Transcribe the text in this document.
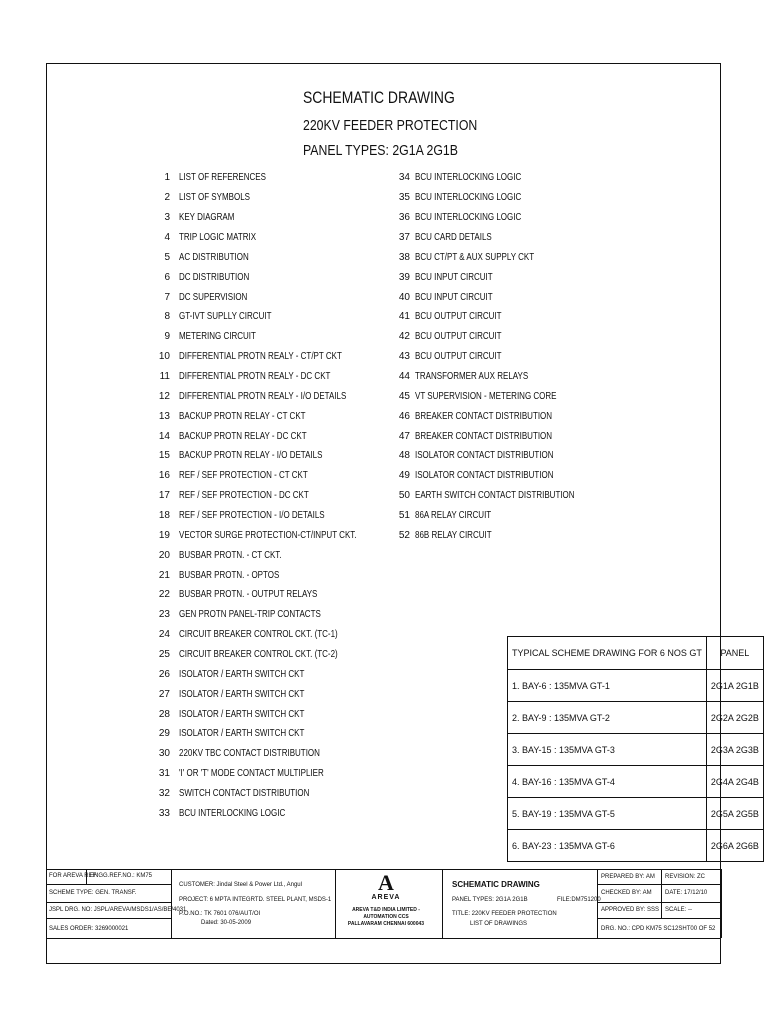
SCHEMATIC DRAWING
220KV FEEDER PROTECTION
PANEL TYPES: 2G1A 2G1B
1 LIST OF REFERENCES
2 LIST OF SYMBOLS
3 KEY DIAGRAM
4 TRIP LOGIC MATRIX
5 AC DISTRIBUTION
6 DC DISTRIBUTION
7 DC SUPERVISION
8 GT-IVT SUPLLY CIRCUIT
9 METERING CIRCUIT
10 DIFFERENTIAL PROTN REALY - CT/PT CKT
11 DIFFERENTIAL PROTN REALY - DC CKT
12 DIFFERENTIAL PROTN REALY - I/O DETAILS
13 BACKUP PROTN RELAY - CT CKT
14 BACKUP PROTN RELAY - DC CKT
15 BACKUP PROTN RELAY - I/O DETAILS
16 REF / SEF PROTECTION - CT CKT
17 REF / SEF PROTECTION - DC CKT
18 REF / SEF PROTECTION - I/O DETAILS
19 VECTOR SURGE PROTECTION-CT/INPUT CKT.
20 BUSBAR PROTN. - CT CKT.
21 BUSBAR PROTN. - OPTOS
22 BUSBAR PROTN. - OUTPUT RELAYS
23 GEN PROTN PANEL-TRIP CONTACTS
24 CIRCUIT BREAKER CONTROL CKT. (TC-1)
25 CIRCUIT BREAKER CONTROL CKT. (TC-2)
26 ISOLATOR / EARTH SWITCH CKT
27 ISOLATOR / EARTH SWITCH CKT
28 ISOLATOR / EARTH SWITCH CKT
29 ISOLATOR / EARTH SWITCH CKT
30 220KV TBC CONTACT DISTRIBUTION
31 'I' OR 'T' MODE CONTACT MULTIPLIER
32 SWITCH CONTACT DISTRIBUTION
33 BCU INTERLOCKING LOGIC
34 BCU INTERLOCKING LOGIC
35 BCU INTERLOCKING LOGIC
36 BCU INTERLOCKING LOGIC
37 BCU CARD DETAILS
38 BCU CT/PT & AUX SUPPLY CKT
39 BCU INPUT CIRCUIT
40 BCU INPUT CIRCUIT
41 BCU OUTPUT CIRCUIT
42 BCU OUTPUT CIRCUIT
43 BCU OUTPUT CIRCUIT
44 TRANSFORMER AUX RELAYS
45 VT SUPERVISION - METERING CORE
46 BREAKER CONTACT DISTRIBUTION
47 BREAKER CONTACT DISTRIBUTION
48 ISOLATOR CONTACT DISTRIBUTION
49 ISOLATOR CONTACT DISTRIBUTION
50 EARTH SWITCH CONTACT DISTRIBUTION
51 86A RELAY CIRCUIT
52 86B RELAY CIRCUIT
TYPICAL SCHEME DRAWING FOR 6 NOS GT	PANEL
1. BAY-6 : 135MVA GT-1	2G1A 2G1B
2. BAY-9 : 135MVA GT-2	2G2A 2G2B
3. BAY-15 : 135MVA GT-3	2G3A 2G3B
4. BAY-16 : 135MVA GT-4	2G4A 2G4B
5. BAY-19 : 135MVA GT-5	2G5A 2G5B
6. BAY-23 : 135MVA GT-6	2G6A 2G6B
FOR AREVA REF:
ENGG.REF.NO.: KM75
SCHEME TYPE: GEN. TRANSF.
JSPL DRG. NO: JSPL/AREVA/MSDS1/AS/BE/4031
SALES ORDER: 3269000021
CUSTOMER: Jindal Steel & Power Ltd., Angul
PROJECT: 6 MPTA INTEGRTD. STEEL PLANT, MSDS-1
P.O.NO.: TK 7601 076/AUT/OI
Dated: 30-05-2009
SCHEMATIC DRAWING
PANEL TYPES: 2G1A 2G1B	FILE:DM751200
TITLE: 220KV FEEDER PROTECTION
LIST OF DRAWINGS
PREPARED BY: AM REVISION: ZC
CHECKED BY: AM DATE: 17/12/10
APPROVED BY: SSS SCALE: --
DRG. NO.: CPD KM75 SC12SHT00 OF 52
A
AREVA
AREVA T&D INDIA LIMITED - AUTOMATION CCS
PALLAVARAM CHENNAI 600043
